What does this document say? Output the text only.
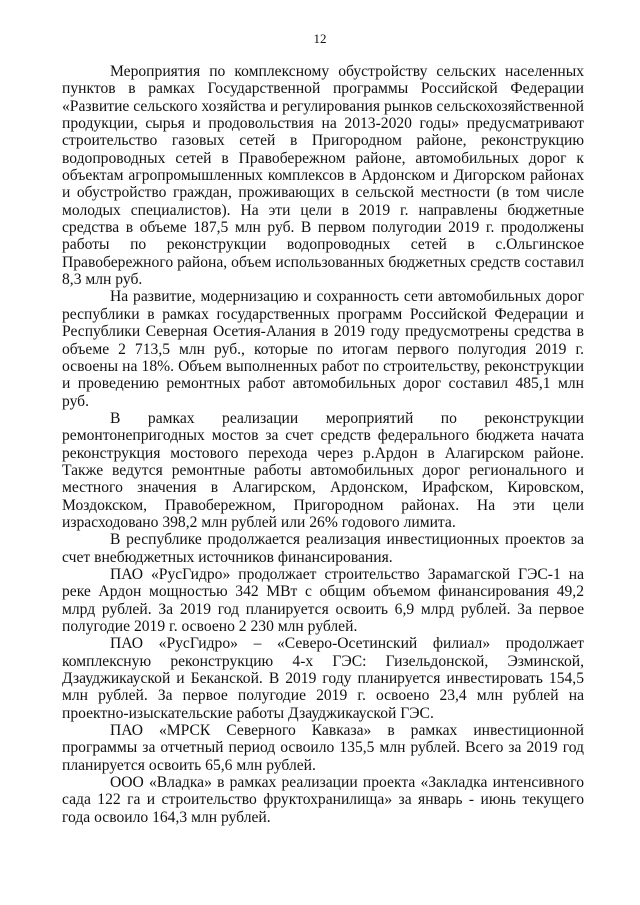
12

Мероприятия по комплексному обустройству сельских населенных пунктов в рамках Государственной программы Российской Федерации «Развитие сельского хозяйства и регулирования рынков сельскохозяйственной продукции, сырья и продовольствия на 2013-2020 годы» предусматривают строительство газовых сетей в Пригородном районе, реконструкцию водопроводных сетей в Правобережном районе, автомобильных дорог к объектам агропромышленных комплексов в Ардонском и Дигорском районах и обустройство граждан, проживающих в сельской местности (в том числе молодых специалистов). На эти цели в 2019 г. направлены бюджетные средства в объеме 187,5 млн руб. В первом полугодии 2019 г. продолжены работы по реконструкции водопроводных сетей в с.Ольгинское Правобережного района, объем использованных бюджетных средств составил 8,3 млн руб.

На развитие, модернизацию и сохранность сети автомобильных дорог республики в рамках государственных программ Российской Федерации и Республики Северная Осетия-Алания в 2019 году предусмотрены средства в объеме 2 713,5 млн руб., которые по итогам первого полугодия 2019 г. освоены на 18%. Объем выполненных работ по строительству, реконструкции и проведению ремонтных работ автомобильных дорог составил 485,1 млн руб.

В рамках реализации мероприятий по реконструкции ремонтонепригодных мостов за счет средств федерального бюджета начата реконструкция мостового перехода через р.Ардон в Алагирском районе. Также ведутся ремонтные работы автомобильных дорог регионального и местного значения в Алагирском, Ардонском, Ирафском, Кировском, Моздокском, Правобережном, Пригородном районах. На эти цели израсходовано 398,2 млн рублей или 26% годового лимита.

В республике продолжается реализация инвестиционных проектов за счет внебюджетных источников финансирования.

ПАО «РусГидро» продолжает строительство Зарамагской ГЭС-1 на реке Ардон мощностью 342 МВт с общим объемом финансирования 49,2 млрд рублей. За 2019 год планируется освоить 6,9 млрд рублей. За первое полугодие 2019 г. освоено 2 230 млн рублей.

ПАО «РусГидро» – «Северо-Осетинский филиал» продолжает комплексную реконструкцию 4-х ГЭС: Гизельдонской, Эзминской, Дзауджикауской и Беканской. В 2019 году планируется инвестировать 154,5 млн рублей. За первое полугодие 2019 г. освоено 23,4 млн рублей на проектно-изыскательские работы Дзауджикауской ГЭС.

ПАО «МРСК Северного Кавказа» в рамках инвестиционной программы за отчетный период освоило 135,5 млн рублей. Всего за 2019 год планируется освоить 65,6 млн рублей.

ООО «Владка» в рамках реализации проекта «Закладка интенсивного сада 122 га и строительство фруктохранилища» за январь - июнь текущего года освоило 164,3 млн рублей.
